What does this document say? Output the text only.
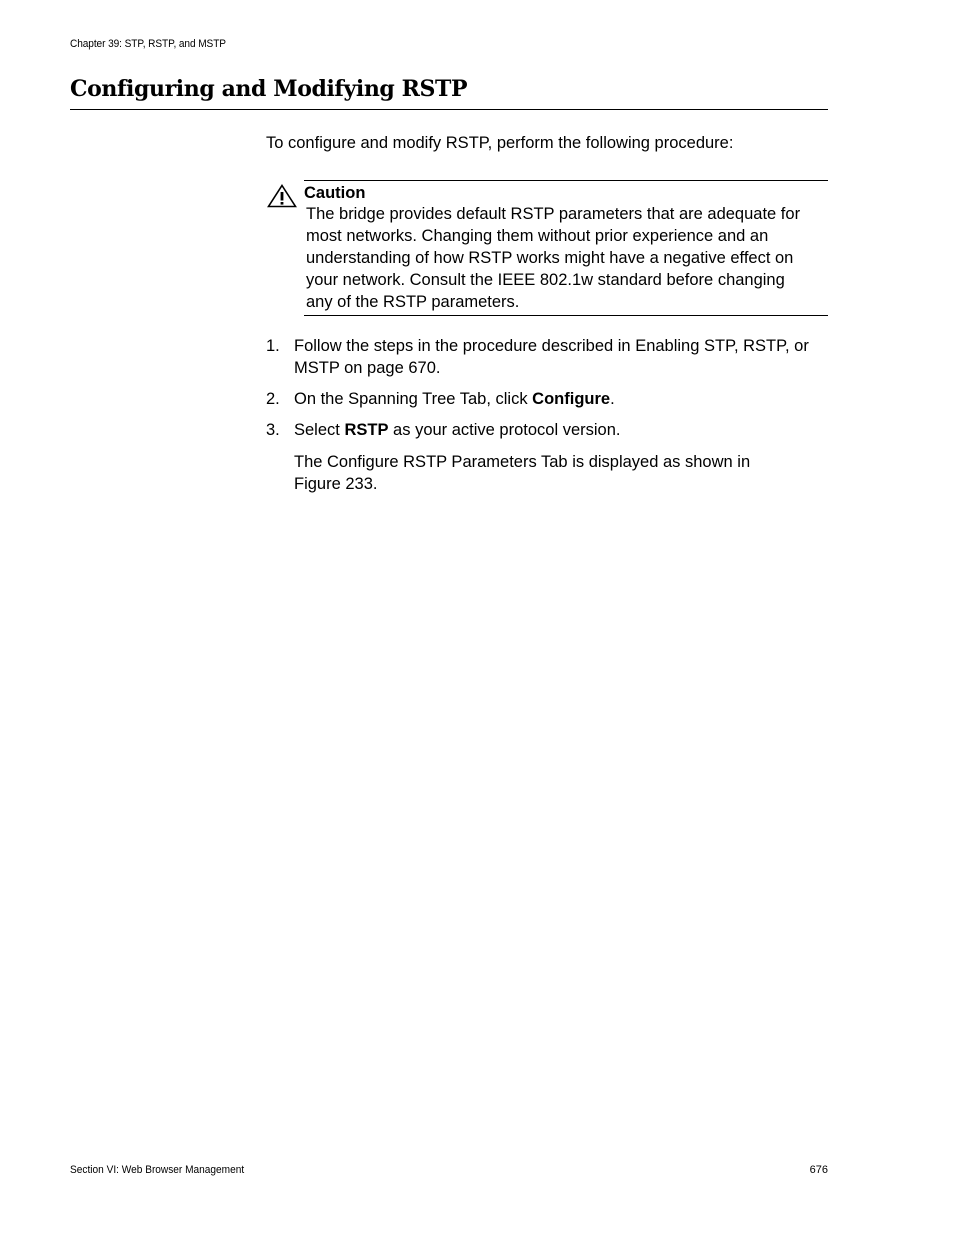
Chapter 39: STP, RSTP, and MSTP
Configuring and Modifying RSTP
To configure and modify RSTP, perform the following procedure:
Caution
The bridge provides default RSTP parameters that are adequate for
most networks. Changing them without prior experience and an
understanding of how RSTP works might have a negative effect on
your network. Consult the IEEE 802.1w standard before changing
any of the RSTP parameters.
1. Follow the steps in the procedure described in Enabling STP, RSTP, or
MSTP on page 670.
2. On the Spanning Tree Tab, click Configure.
3. Select RSTP as your active protocol version.
The Configure RSTP Parameters Tab is displayed as shown in
Figure 233.
Section VI: Web Browser Management	676
